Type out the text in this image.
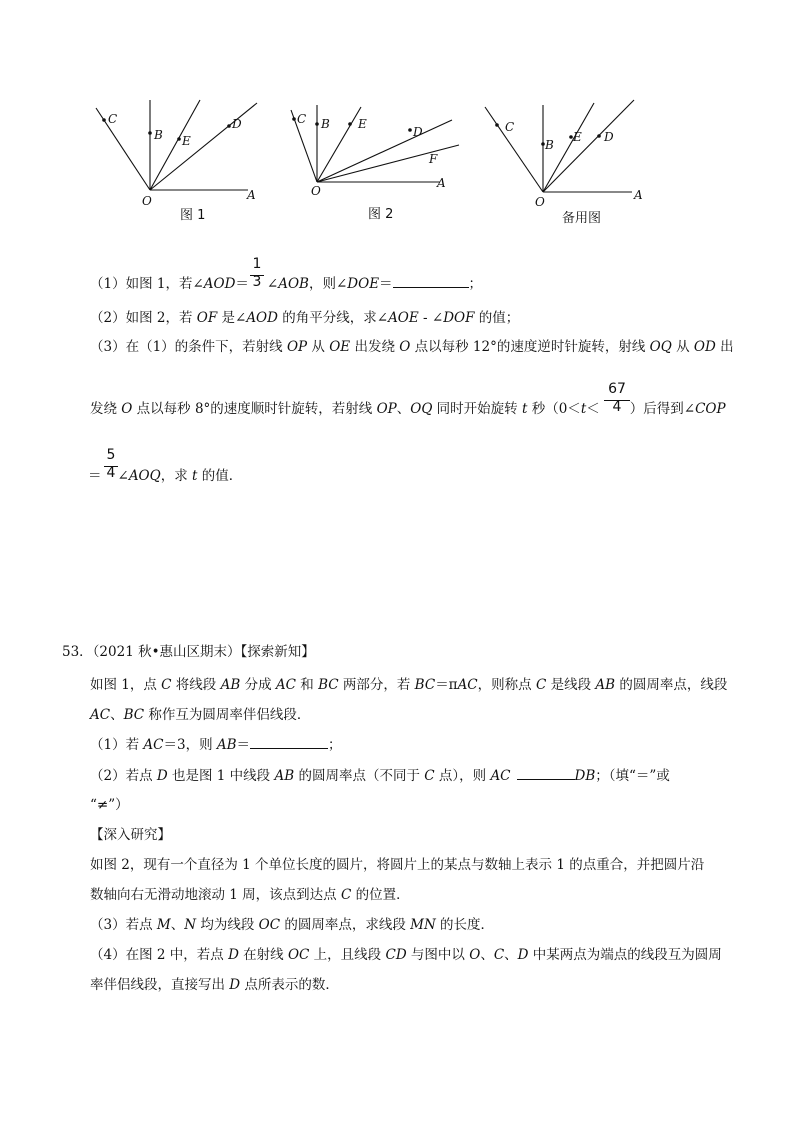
C
B E
D
O	A
图 1
C B E
D
F
O
A
图 2
C
B
E D
O	A
备用图
1
3
（1）如图 1，若∠AOD＝ ∠AOB，则∠DOE＝	；
（2）如图 2，若 OF 是∠AOD 的角平分线，求∠AOE ‑ ∠DOF 的值；
（3）在（1）的条件下，若射线 OP 从 OE 出发绕 O 点以每秒 12°的速度逆时针旋转，射线 OQ 从 OD 出
67
4
发绕 O 点以每秒 8°的速度顺时针旋转，若射线 OP、OQ 同时开始旋转 t 秒（0＜t＜ ）后得到∠COP
5
4
＝ ∠AOQ，求 t 的值．
53．（2021 秋•惠山区期末）【探索新知】
如图 1，点 C 将线段 AB 分成 AC 和 BC 两部分，若 BC＝πAC，则称点 C 是线段 AB 的圆周率点，线段
AC、BC 称作互为圆周率伴侣线段．
（1）若 AC＝3，则 AB＝	；
（2）若点 D 也是图 1 中线段 AB 的圆周率点（不同于 C 点），则 AC	DB；（填“＝”或
“≠”）
【深入研究】
如图 2，现有一个直径为 1 个单位长度的圆片，将圆片上的某点与数轴上表示 1 的点重合，并把圆片沿
数轴向右无滑动地滚动 1 周，该点到达点 C 的位置．
（3）若点 M、N 均为线段 OC 的圆周率点，求线段 MN 的长度．
（4）在图 2 中，若点 D 在射线 OC 上，且线段 CD 与图中以 O、C、D 中某两点为端点的线段互为圆周
率伴侣线段，直接写出 D 点所表示的数．
